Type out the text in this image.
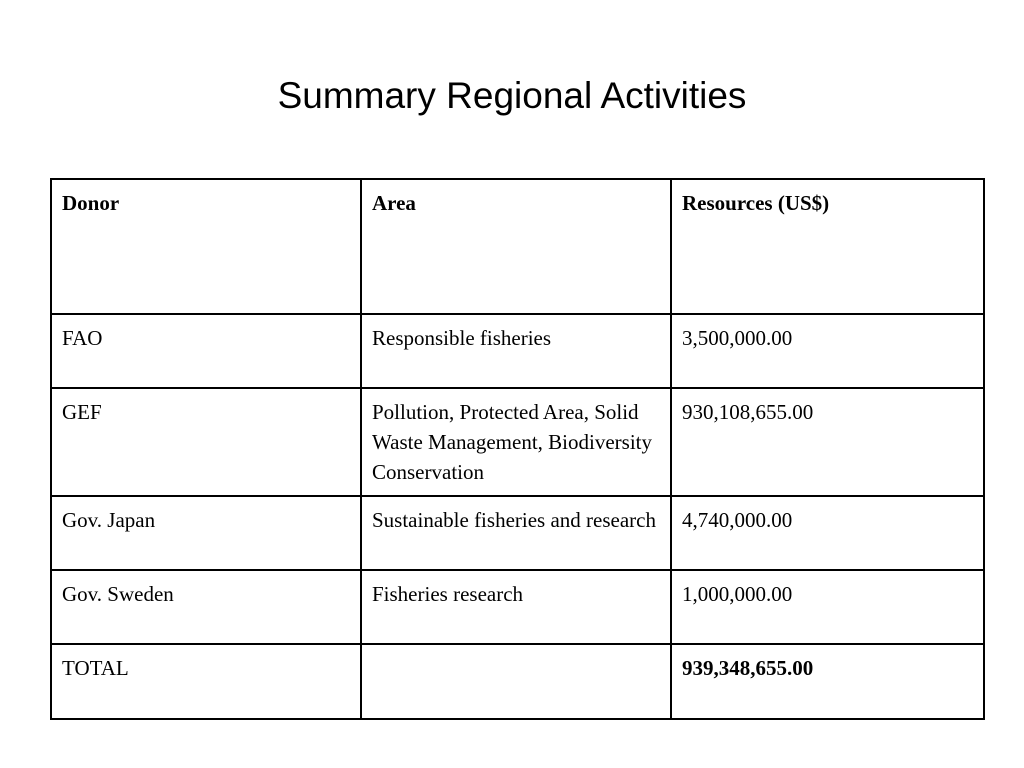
Summary Regional Activities
Donor	Area	Resources (US$)
FAO	Responsible fisheries	3,500,000.00
GEF	Pollution, Protected Area, Solid Waste Management, Biodiversity Conservation	930,108,655.00
Gov. Japan	Sustainable fisheries and research	4,740,000.00
Gov. Sweden	Fisheries research	1,000,000.00
TOTAL		939,348,655.00
